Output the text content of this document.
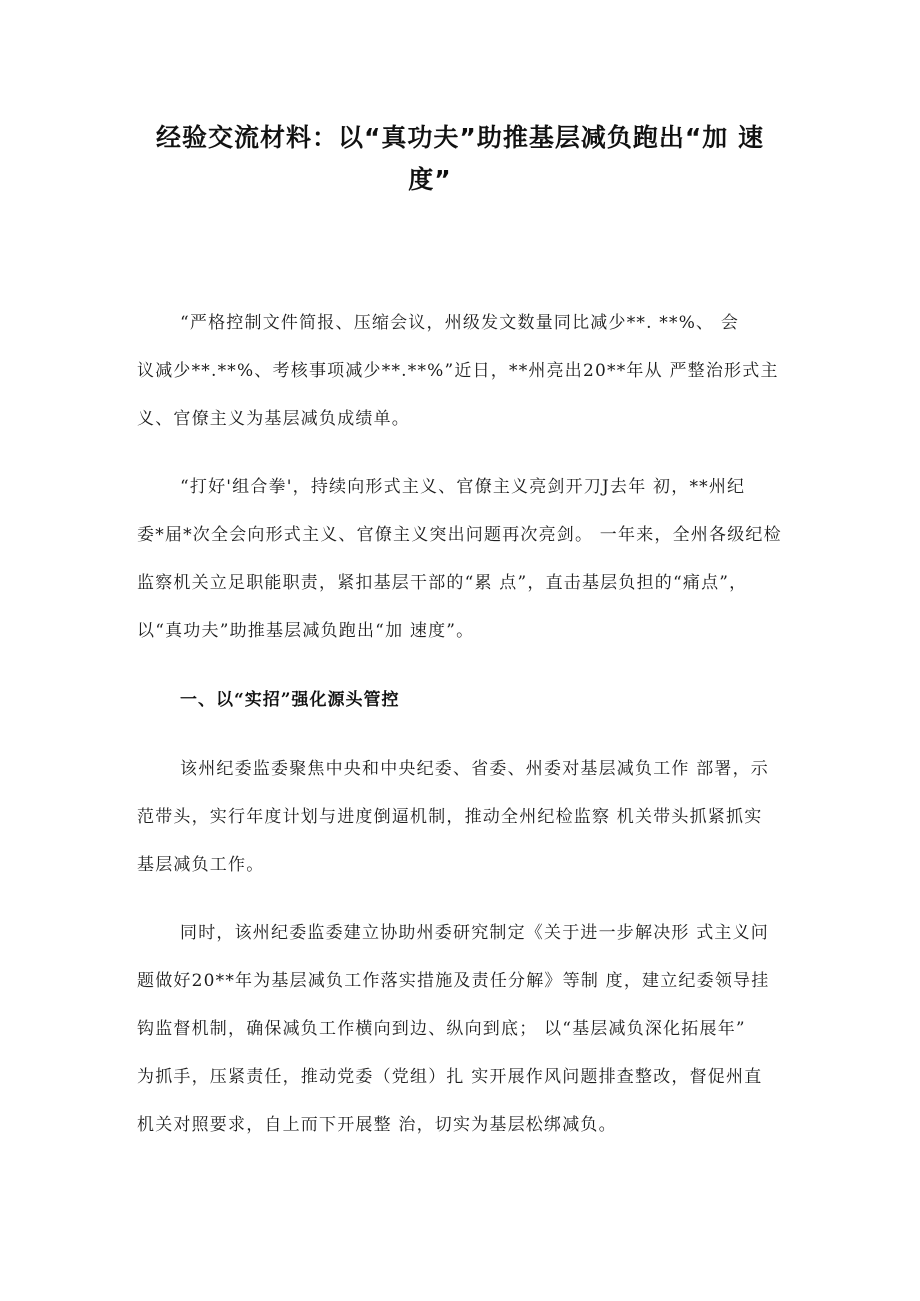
经验交流材料：以“真功夫”助推基层减负跑出“加 速
度”
“严格控制文件简报、压缩会议，州级发文数量同比减少**. **%、 会
议减少**.**%、考核事项减少**.**%”近日，**州亮出20**年从 严整治形式主
义、官僚主义为基层减负成绩单。
“打好'组合拳'，持续向形式主义、官僚主义亮剑开刀J去年 初，**州纪
委*届*次全会向形式主义、官僚主义突出问题再次亮剑。 一年来，全州各级纪检
监察机关立足职能职责，紧扣基层干部的“累 点”，直击基层负担的“痛点”，
以“真功夫”助推基层减负跑出“加 速度”。
一、以“实招”强化源头管控
该州纪委监委聚焦中央和中央纪委、省委、州委对基层减负工作 部署，示
范带头，实行年度计划与进度倒逼机制，推动全州纪检监察 机关带头抓紧抓实
基层减负工作。
同时，该州纪委监委建立协助州委研究制定《关于进一步解决形 式主义问
题做好20**年为基层减负工作落实措施及责任分解》等制 度，建立纪委领导挂
钩监督机制，确保减负工作横向到边、纵向到底； 以“基层减负深化拓展年”
为抓手，压紧责任，推动党委（党组）扎 实开展作风问题排查整改，督促州直
机关对照要求，自上而下开展整 治，切实为基层松绑减负。
